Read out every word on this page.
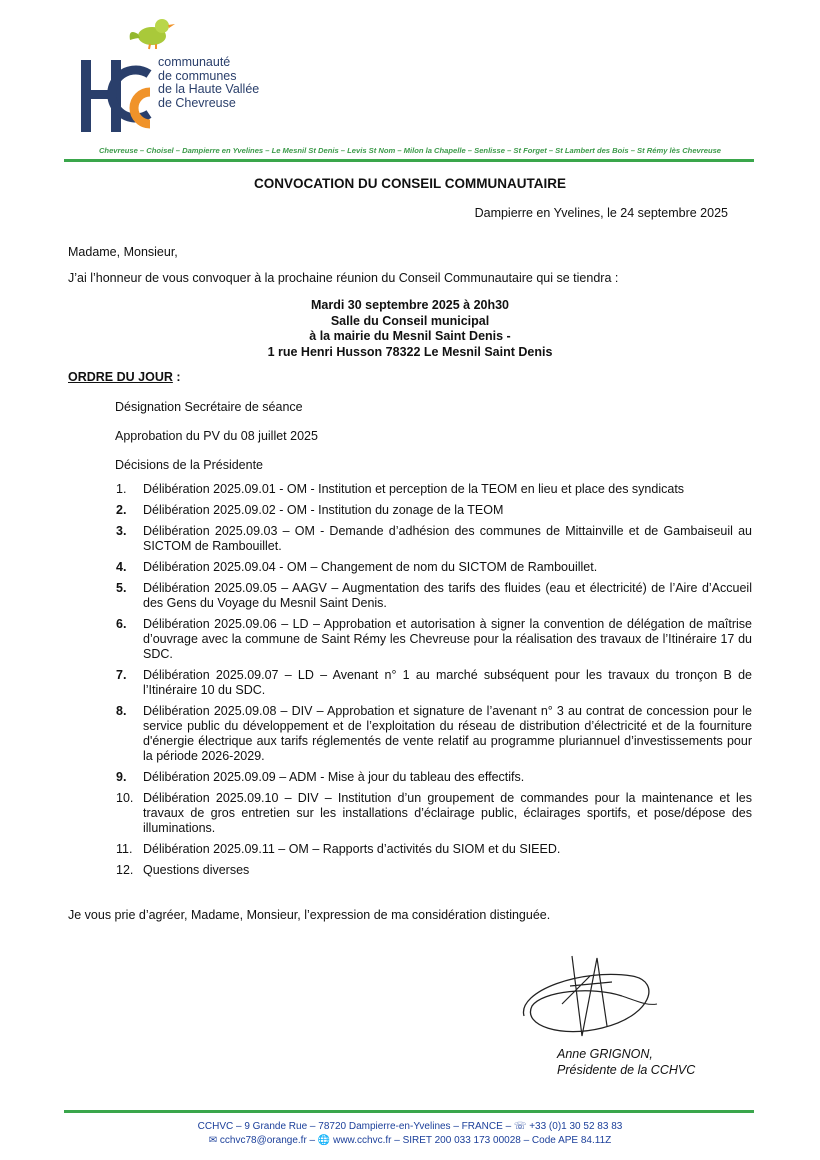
communauté
de communes
de la Haute Vallée
de Chevreuse
Chevreuse – Choisel – Dampierre en Yvelines – Le Mesnil St Denis – Levis St Nom – Milon la Chapelle – Senlisse – St Forget – St Lambert des Bois – St Rémy lès Chevreuse
CONVOCATION DU CONSEIL COMMUNAUTAIRE
Dampierre en Yvelines, le 24 septembre 2025
Madame, Monsieur,
J’ai l’honneur de vous convoquer à la prochaine réunion du Conseil Communautaire qui se tiendra :
Mardi 30 septembre 2025 à 20h30
Salle du Conseil municipal
à la mairie du Mesnil Saint Denis -
1 rue Henri Husson 78322 Le Mesnil Saint Denis
ORDRE DU JOUR :
Désignation Secrétaire de séance
Approbation du PV du 08 juillet 2025
Décisions de la Présidente
1.	Délibération 2025.09.01 - OM - Institution et perception de la TEOM en lieu et place des syndicats
2.	Délibération 2025.09.02 - OM - Institution du zonage de la TEOM
3.	Délibération 2025.09.03 – OM - Demande d’adhésion des communes de Mittainville et de Gambaiseuil au SICTOM de Rambouillet.
4.	Délibération 2025.09.04 - OM – Changement de nom du SICTOM de Rambouillet.
5.	Délibération 2025.09.05 – AAGV – Augmentation des tarifs des fluides (eau et électricité) de l’Aire d’Accueil des Gens du Voyage du Mesnil Saint Denis.
6.	Délibération 2025.09.06 – LD – Approbation et autorisation à signer la convention de délégation de maîtrise d’ouvrage avec la commune de Saint Rémy les Chevreuse pour la réalisation des travaux de l’Itinéraire 17 du SDC.
7.	Délibération 2025.09.07 – LD – Avenant n° 1 au marché subséquent pour les travaux du tronçon B de l’Itinéraire 10 du SDC.
8.	Délibération 2025.09.08 – DIV – Approbation et signature de l’avenant n° 3 au contrat de concession pour le service public du développement et de l’exploitation du réseau de distribution d’électricité et de la fourniture d'énergie électrique aux tarifs réglementés de vente relatif au programme pluriannuel d’investissements pour la période 2026-2029.
9.	Délibération 2025.09.09 – ADM - Mise à jour du tableau des effectifs.
10. Délibération 2025.09.10 – DIV – Institution d’un groupement de commandes pour la maintenance et les travaux de gros entretien sur les installations d’éclairage public, éclairages sportifs, et pose/dépose des illuminations.
11. Délibération 2025.09.11 – OM – Rapports d’activités du SIOM et du SIEED.
12. Questions diverses
Je vous prie d’agréer, Madame, Monsieur, l’expression de ma considération distinguée.
Anne GRIGNON,
Présidente de la CCHVC
CCHVC – 9 Grande Rue – 78720 Dampierre-en-Yvelines – FRANCE – ☏ +33 (0)1 30 52 83 83
✉ cchvc78@orange.fr – 🌐 www.cchvc.fr – SIRET 200 033 173 00028 – Code APE 84.11Z
